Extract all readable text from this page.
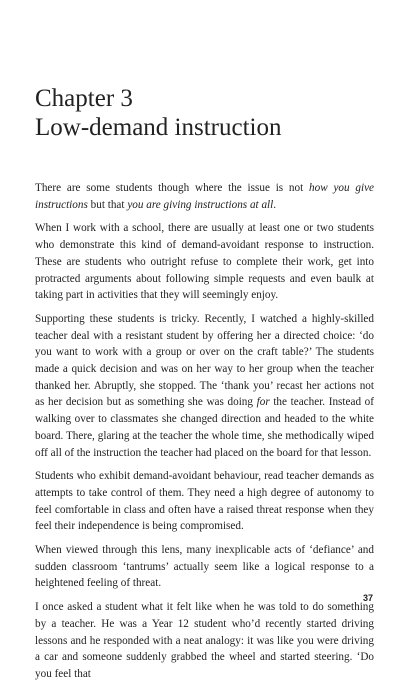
Chapter 3
Low-demand instruction

There are some students though where the issue is not how you give instructions but that you are giving instructions at all.

When I work with a school, there are usually at least one or two students who demonstrate this kind of demand-avoidant response to instruction. These are students who outright refuse to complete their work, get into protracted arguments about following simple requests and even baulk at taking part in activities that they will seemingly enjoy.

Supporting these students is tricky. Recently, I watched a highly-skilled teacher deal with a resistant student by offering her a directed choice: ‘do you want to work with a group or over on the craft table?’ The students made a quick decision and was on her way to her group when the teacher thanked her. Abruptly, she stopped. The ‘thank you’ recast her actions not as her decision but as something she was doing for the teacher. Instead of walking over to classmates she changed direction and headed to the white board. There, glaring at the teacher the whole time, she methodically wiped off all of the instruction the teacher had placed on the board for that lesson.

Students who exhibit demand-avoidant behaviour, read teacher demands as attempts to take control of them. They need a high degree of autonomy to feel comfortable in class and often have a raised threat response when they feel their independence is being compromised.

When viewed through this lens, many inexplicable acts of ‘defiance’ and sudden classroom ‘tantrums’ actually seem like a logical response to a heightened feeling of threat.

I once asked a student what it felt like when he was told to do something by a teacher. He was a Year 12 student who’d recently started driving lessons and he responded with a neat analogy: it was like you were driving a car and someone suddenly grabbed the wheel and started steering. ‘Do you feel that

37
